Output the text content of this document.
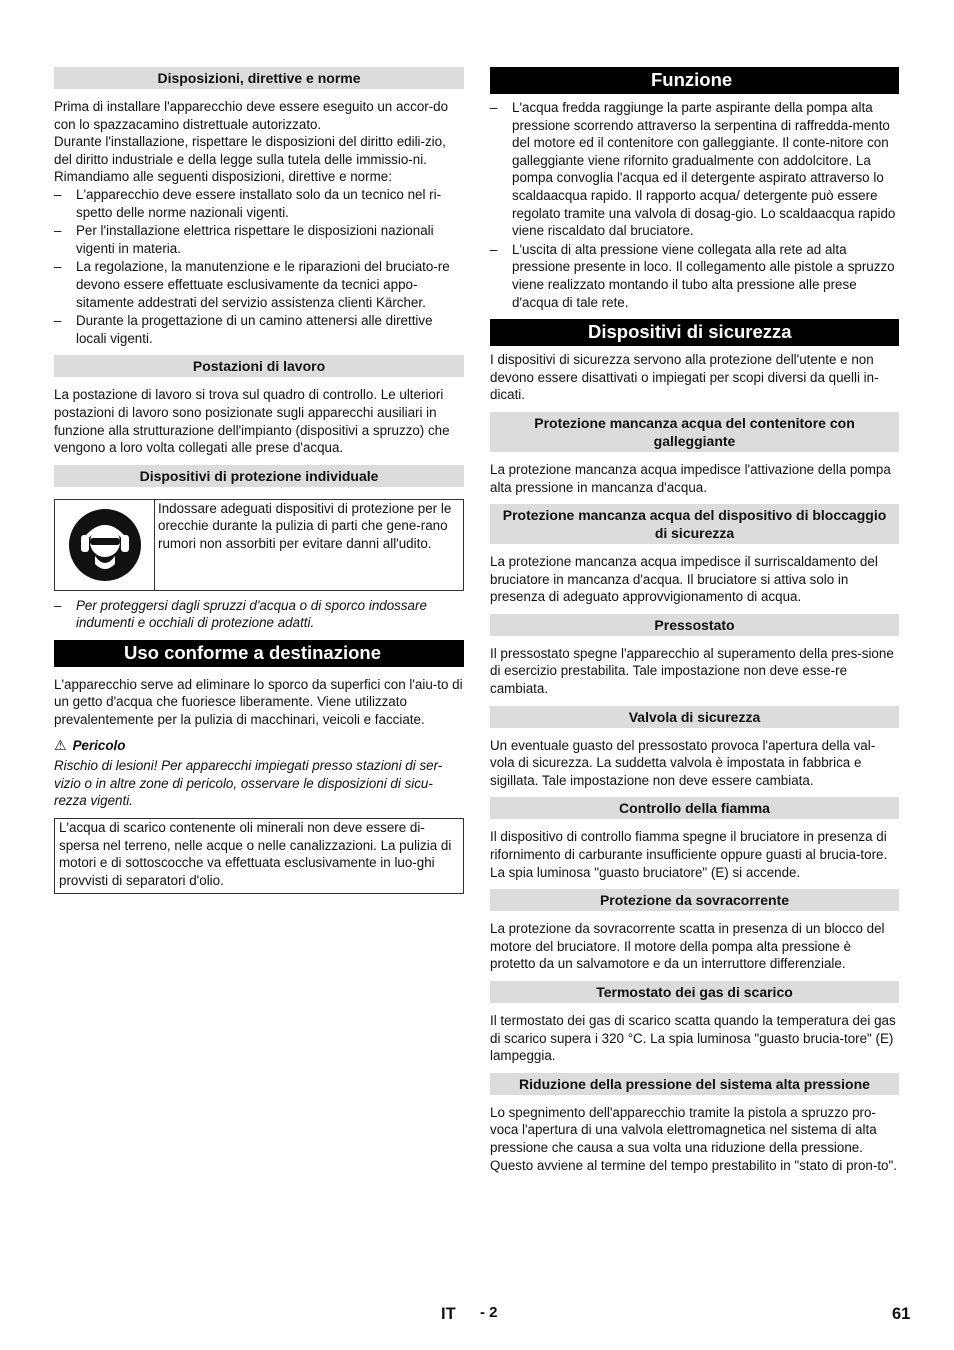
Disposizioni, direttive e norme

Prima di installare l'apparecchio deve essere eseguito un accor-do con lo spazzacamino distrettuale autorizzato.

Durante l'installazione, rispettare le disposizioni del diritto edili-zio, del diritto industriale e della legge sulla tutela delle immissio-ni. Rimandiamo alle seguenti disposizioni, direttive e norme:

– L'apparecchio deve essere installato solo da un tecnico nel ri-spetto delle norme nazionali vigenti.
– Per l'installazione elettrica rispettare le disposizioni nazionali vigenti in materia.
– La regolazione, la manutenzione e le riparazioni del bruciato-re devono essere effettuate esclusivamente da tecnici appo-sitamente addestrati del servizio assistenza clienti Kärcher.
– Durante la progettazione di un camino attenersi alle direttive locali vigenti.
Postazioni di lavoro

La postazione di lavoro si trova sul quadro di controllo. Le ulteriori postazioni di lavoro sono posizionate sugli apparecchi ausiliari in funzione alla strutturazione dell'impianto (dispositivi a spruzzo) che vengono a loro volta collegati alle prese d'acqua.

Dispositivi di protezione individuale
Indossare adeguati dispositivi di protezione per le orecchie durante la pulizia di parti che gene-rano rumori non assorbiti per evitare danni all'udito.
– Per proteggersi dagli spruzzi d'acqua o di sporco indossare indumenti e occhiali di protezione adatti.
Uso conforme a destinazione

L'apparecchio serve ad eliminare lo sporco da superfici con l'aiu-to di un getto d'acqua che fuoriesce liberamente. Viene utilizzato prevalentemente per la pulizia di macchinari, veicoli e facciate.

⚠ Pericolo

Rischio di lesioni! Per apparecchi impiegati presso stazioni di ser-vizio o in altre zone di pericolo, osservare le disposizioni di sicu-rezza vigenti.

L'acqua di scarico contenente oli minerali non deve essere di-spersa nel terreno, nelle acque o nelle canalizzazioni. La pulizia di motori e di sottoscocche va effettuata esclusivamente in luo-ghi provvisti di separatori d'olio.
Funzione
– L'acqua fredda raggiunge la parte aspirante della pompa alta pressione scorrendo attraverso la serpentina di raffredda-mento del motore ed il contenitore con galleggiante. Il conte-nitore con galleggiante viene rifornito gradualmente con addolcitore. La pompa convoglia l'acqua ed il detergente aspirato attraverso lo scaldaacqua rapido. Il rapporto acqua/ detergente può essere regolato tramite una valvola di dosag-gio. Lo scaldaacqua rapido viene riscaldato dal bruciatore.
– L'uscita di alta pressione viene collegata alla rete ad alta pressione presente in loco. Il collegamento alle pistole a spruzzo viene realizzato montando il tubo alta pressione alle prese d'acqua di tale rete.
Dispositivi di sicurezza

I dispositivi di sicurezza servono alla protezione dell'utente e non devono essere disattivati o impiegati per scopi diversi da quelli in-dicati.

Protezione mancanza acqua del contenitore con galleggiante

La protezione mancanza acqua impedisce l'attivazione della pompa alta pressione in mancanza d'acqua.

Protezione mancanza acqua del dispositivo di bloccaggio di sicurezza

La protezione mancanza acqua impedisce il surriscaldamento del bruciatore in mancanza d'acqua. Il bruciatore si attiva solo in presenza di adeguato approvvigionamento di acqua.

Pressostato

Il pressostato spegne l'apparecchio al superamento della pres-sione di esercizio prestabilita. Tale impostazione non deve esse-re cambiata.

Valvola di sicurezza

Un eventuale guasto del pressostato provoca l'apertura della val-vola di sicurezza. La suddetta valvola è impostata in fabbrica e sigillata. Tale impostazione non deve essere cambiata.

Controllo della fiamma

Il dispositivo di controllo fiamma spegne il bruciatore in presenza di rifornimento di carburante insufficiente oppure guasti al brucia-tore. La spia luminosa "guasto bruciatore" (E) si accende.

Protezione da sovracorrente

La protezione da sovracorrente scatta in presenza di un blocco del motore del bruciatore. Il motore della pompa alta pressione è protetto da un salvamotore e da un interruttore differenziale.

Termostato dei gas di scarico

Il termostato dei gas di scarico scatta quando la temperatura dei gas di scarico supera i 320 °C. La spia luminosa "guasto brucia-tore" (E) lampeggia.

Riduzione della pressione del sistema alta pressione

Lo spegnimento dell'apparecchio tramite la pistola a spruzzo pro-voca l'apertura di una valvola elettromagnetica nel sistema di alta pressione che causa a sua volta una riduzione della pressione. Questo avviene al termine del tempo prestabilito in "stato di pron-to".

IT - 2	61
